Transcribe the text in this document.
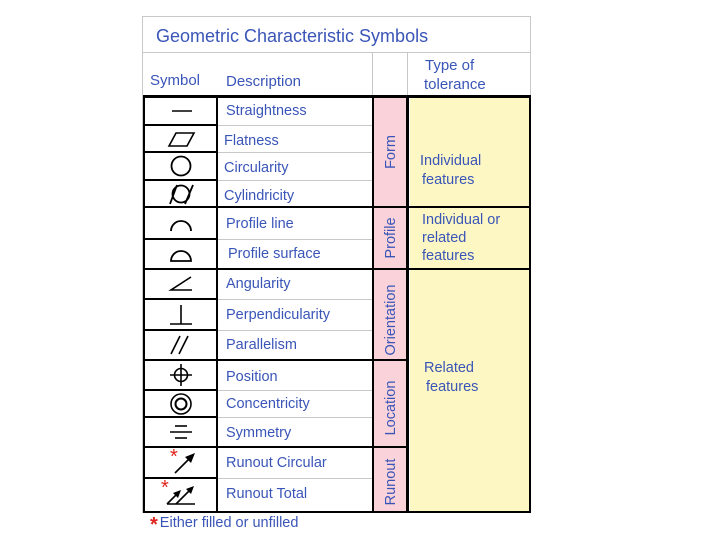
Geometric Characteristic Symbols
Symbol Description
Type of
tolerance
Straightness
Flatness
Circularity
Cylindricity
Profile line
Profile surface
Angularity
Perpendicularity
Parallelism
Position
Concentricity
Symmetry
Runout Circular
Runout Total
Form
Profile
Orientation
Location
Runout
Individual
features
Individual or
related
features
Related
features
*
*
* Either filled or unfilled
